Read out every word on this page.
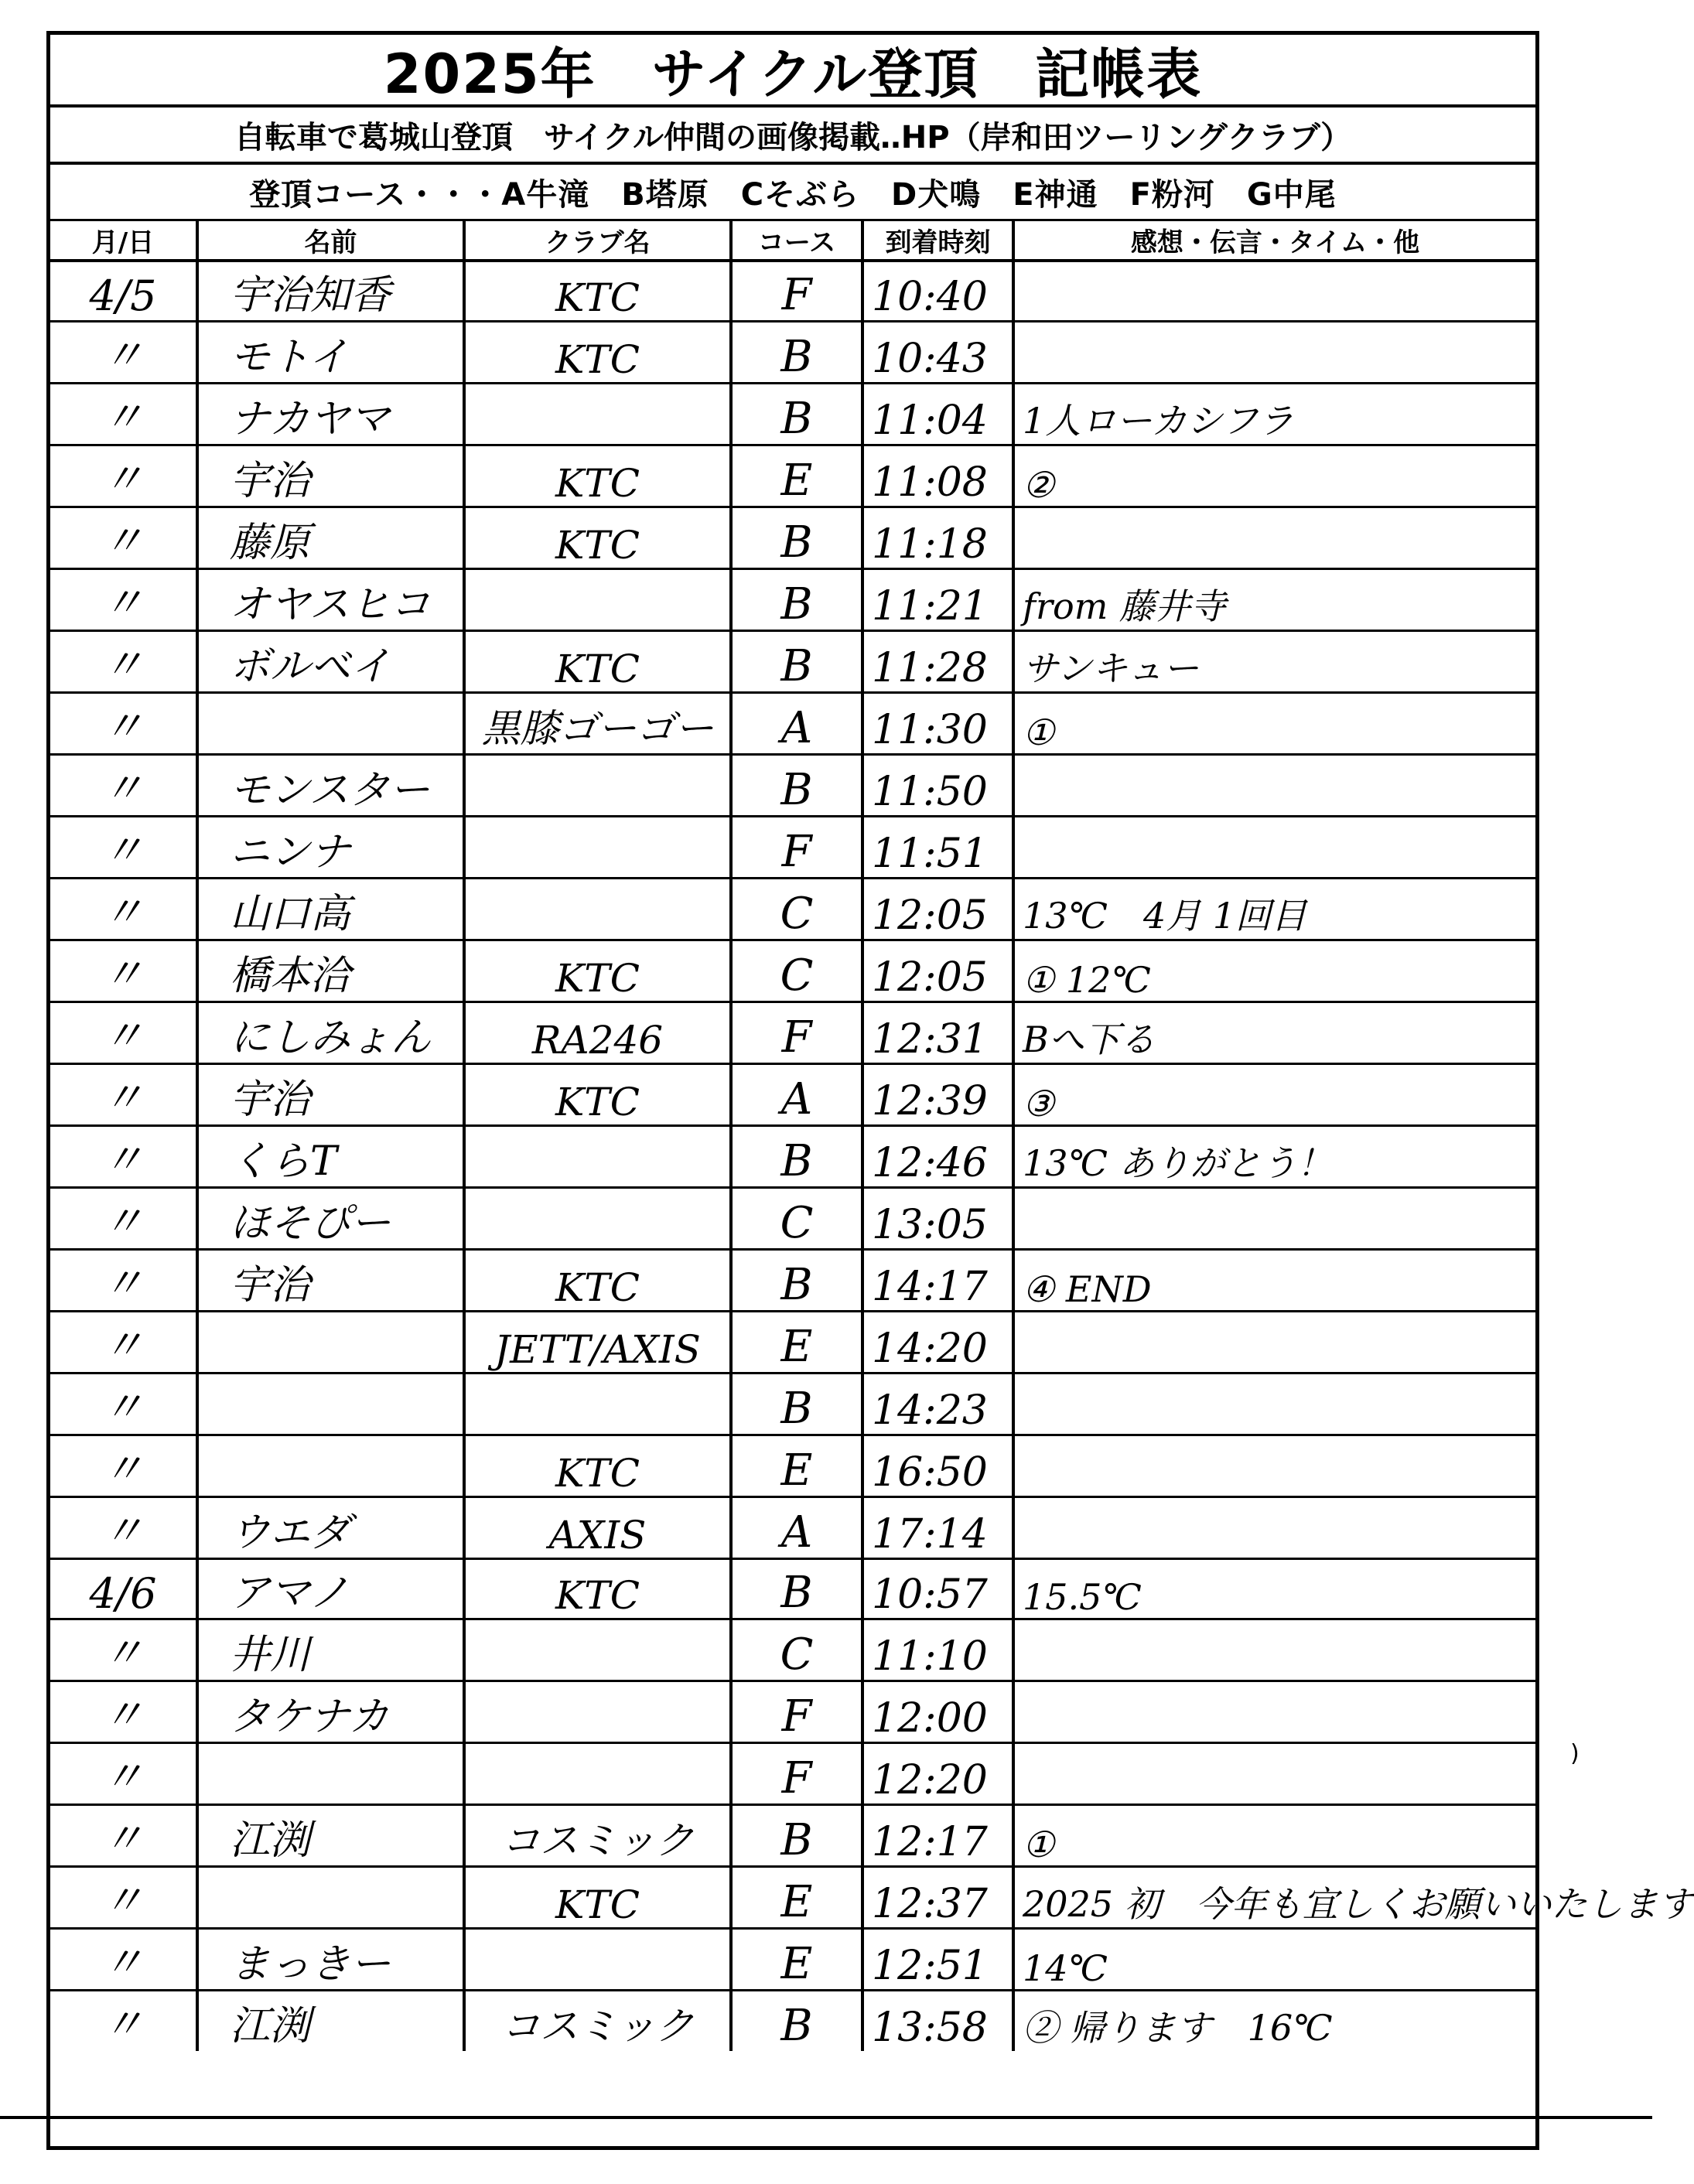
2025年　サイクル登頂　記帳表
自転車で葛城山登頂　サイクル仲間の画像掲載‥HP（岸和田ツーリングクラブ）
登頂コース・・・A牛滝　B塔原　Cそぶら　D犬鳴　E神通　F粉河　G中尾
月/日	名前	クラブ名	コース	到着時刻	感想・伝言・タイム・他
4/5	宇治知香	KTC	F	10:40	
〃	モトイ	KTC	B	10:43	
〃	ナカヤマ		B	11:04	1人ローカシフラ
〃	宇治	KTC	E	11:08	②
〃	藤原	KTC	B	11:18	
〃	オヤスヒコ		B	11:21	from 藤井寺
〃	ボルベイ	KTC	B	11:28	サンキュー
〃		黒膝ゴーゴー	A	11:30	①
〃	モンスター		B	11:50	
〃	ニンナ		F	11:51	
〃	山口高		C	12:05	13℃　4月 1回目
〃	橋本洽	KTC	C	12:05	① 12℃
〃	にしみょん	RA246	F	12:31	Bへ下る
〃	宇治	KTC	A	12:39	③
〃	くらT		B	12:46	13℃ ありがとう！
〃	ほそぴー		C	13:05	
〃	宇治	KTC	B	14:17	④ END
〃		JETT/AXIS	E	14:20	
〃			B	14:23	
〃		KTC	E	16:50	
〃	ウエダ	AXIS	A	17:14	
4/6	アマノ	KTC	B	10:57	15.5℃
〃	井川		C	11:10	
〃	タケナカ		F	12:00	
〃			F	12:20	
〃	江渕	コスミック	B	12:17	①
〃		KTC	E	12:37	2025 初　今年も宜しくお願いいたします
〃	まっきー		E	12:51	14℃
〃	江渕	コスミック	B	13:58	② 帰ります　16℃
)
